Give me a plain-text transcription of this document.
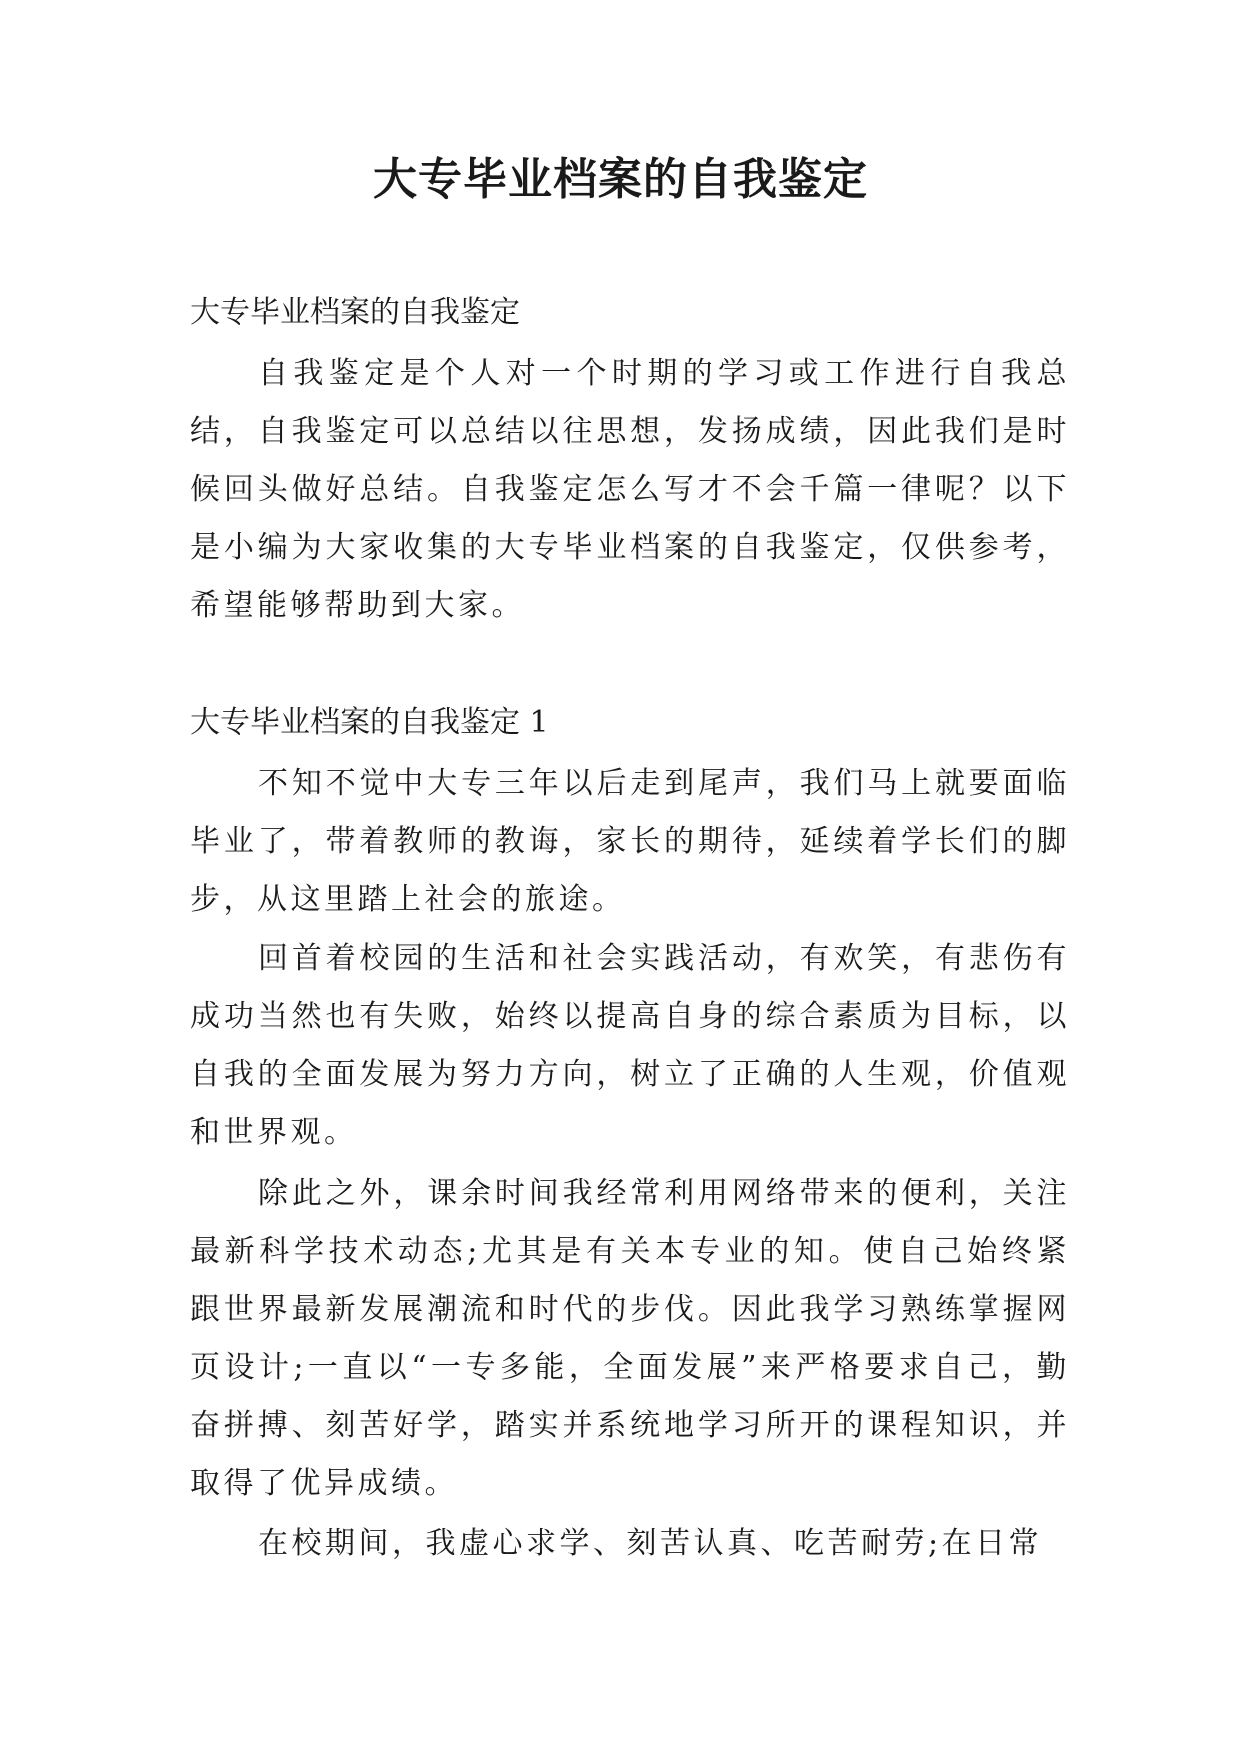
大专毕业档案的自我鉴定

大专毕业档案的自我鉴定

自我鉴定是个人对一个时期的学习或工作进行自我总结，自我鉴定可以总结以往思想，发扬成绩，因此我们是时候回头做好总结。自我鉴定怎么写才不会千篇一律呢？以下是小编为大家收集的大专毕业档案的自我鉴定，仅供参考，希望能够帮助到大家。

大专毕业档案的自我鉴定 1

不知不觉中大专三年以后走到尾声，我们马上就要面临毕业了，带着教师的教诲，家长的期待，延续着学长们的脚步，从这里踏上社会的旅途。

回首着校园的生活和社会实践活动，有欢笑，有悲伤有成功当然也有失败，始终以提高自身的综合素质为目标，以自我的全面发展为努力方向，树立了正确的人生观，价值观和世界观。

除此之外，课余时间我经常利用网络带来的便利，关注最新科学技术动态;尤其是有关本专业的知。使自己始终紧跟世界最新发展潮流和时代的步伐。因此我学习熟练掌握网页设计;一直以“一专多能，全面发展”来严格要求自己，勤奋拼搏、刻苦好学，踏实并系统地学习所开的课程知识，并取得了优异成绩。

在校期间，我虚心求学、刻苦认真、吃苦耐劳;在日常
